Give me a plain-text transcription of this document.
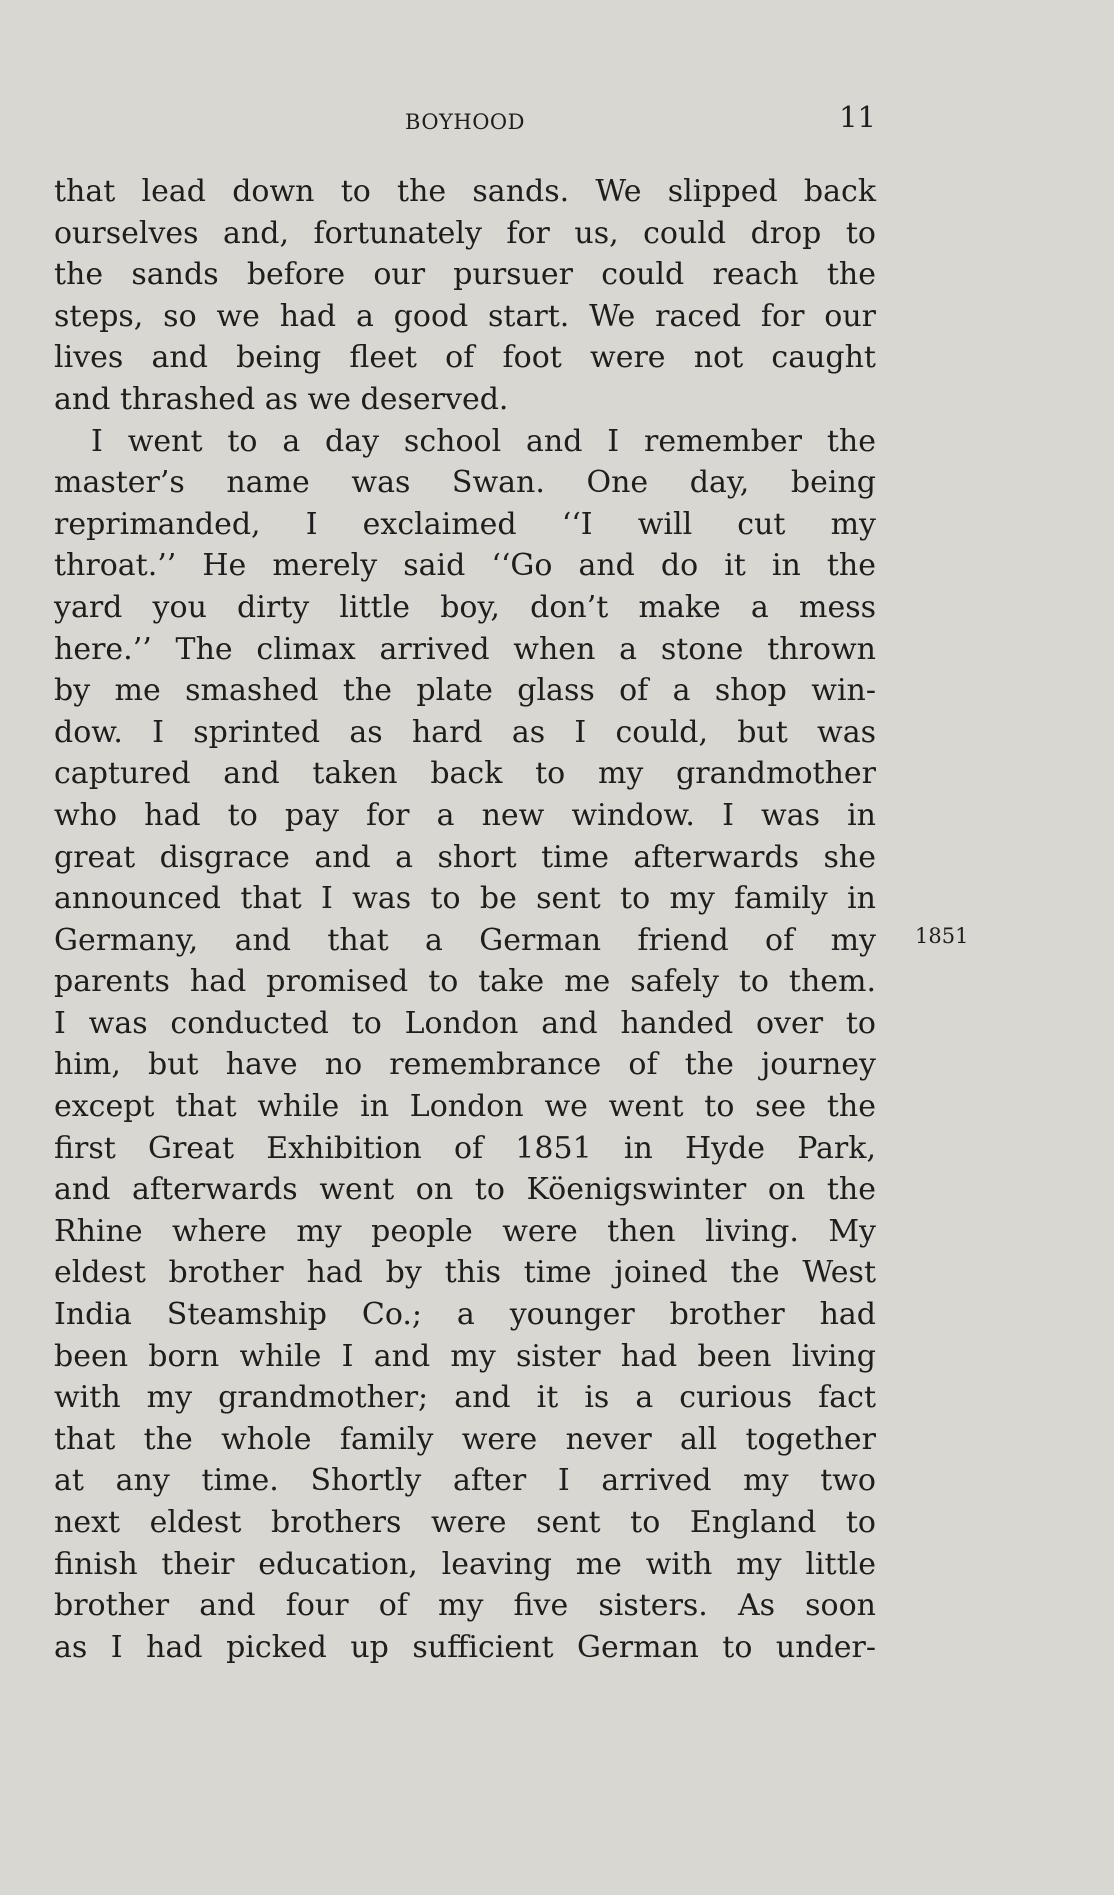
BOYHOOD	11
that lead down to the sands. We slipped back
ourselves and, fortunately for us, could drop to
the sands before our pursuer could reach the
steps, so we had a good start. We raced for our
lives and being fleet of foot were not caught
and thrashed as we deserved.
I went to a day school and I remember the
master’s name was Swan. One day, being
reprimanded, I exclaimed ‘‘I will cut my
throat.’’ He merely said ‘‘Go and do it in the
yard you dirty little boy, don’t make a mess
here.’’ The climax arrived when a stone thrown
by me smashed the plate glass of a shop win-
dow. I sprinted as hard as I could, but was
captured and taken back to my grandmother
who had to pay for a new window. I was in
great disgrace and a short time afterwards she
announced that I was to be sent to my family in
Germany, and that a German friend of my
parents had promised to take me safely to them.
I was conducted to London and handed over to
him, but have no remembrance of the journey
except that while in London we went to see the
first Great Exhibition of 1851 in Hyde Park,
and afterwards went on to Köenigswinter on the
Rhine where my people were then living. My
eldest brother had by this time joined the West
India Steamship Co.; a younger brother had
been born while I and my sister had been living
with my grandmother; and it is a curious fact
that the whole family were never all together
at any time. Shortly after I arrived my two
next eldest brothers were sent to England to
finish their education, leaving me with my little
brother and four of my five sisters. As soon
as I had picked up sufficient German to under-
1851
